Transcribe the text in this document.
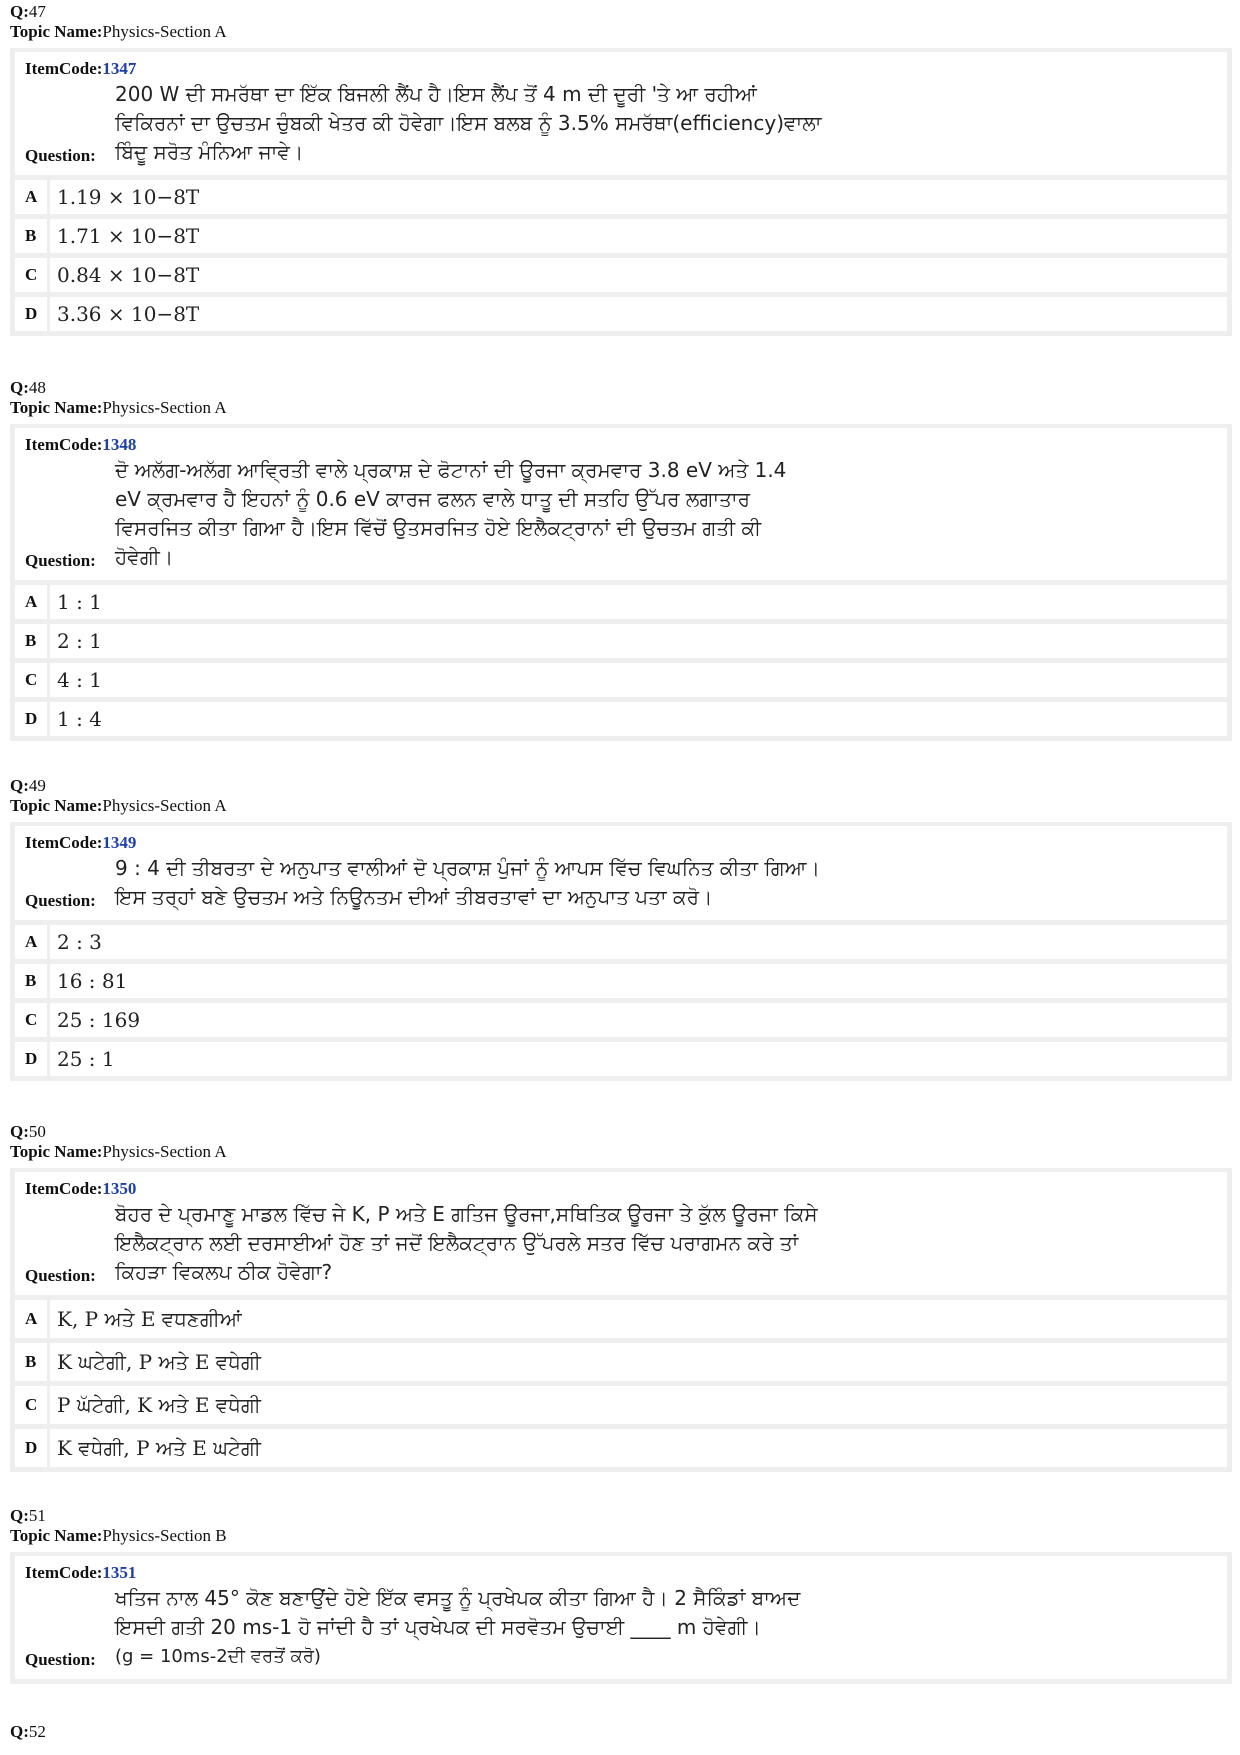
Q:47
Topic Name:Physics-Section A
ItemCode:1347
200 W ਦੀ ਸਮਰੱਥਾ ਦਾ ਇੱਕ ਬਿਜਲੀ ਲੈਂਪ ਹੈ।ਇਸ ਲੈਂਪ ਤੋਂ 4 m ਦੀ ਦੂਰੀ 'ਤੇ ਆ ਰਹੀਆਂ
ਵਿਕਿਰਨਾਂ ਦਾ ਉਚਤਮ ਚੁੰਬਕੀ ਖੇਤਰ ਕੀ ਹੋਵੇਗਾ।ਇਸ ਬਲਬ ਨੂੰ 3.5% ਸਮਰੱਥਾ(efficiency)ਵਾਲਾ
ਬਿੰਦੂ ਸਰੋਤ ਮੰਨਿਆ ਜਾਵੇ।
Question:
A 1.19 × 10−8T
B	1.71 × 10−8T
C 0.84 × 10−8T
D 3.36 × 10−8T
Q:48
Topic Name:Physics-Section A
ItemCode:1348
ਦੋ ਅਲੱਗ-ਅਲੱਗ ਆਵ੍ਰਿਤੀ ਵਾਲੇ ਪ੍ਰਕਾਸ਼ ਦੇ ਫੋਟਾਨਾਂ ਦੀ ਊਰਜਾ ਕ੍ਰਮਵਾਰ 3.8 eV ਅਤੇ 1.4
eV ਕ੍ਰਮਵਾਰ ਹੈ ਇਹਨਾਂ ਨੂੰ 0.6 eV ਕਾਰਜ ਫਲਨ ਵਾਲੇ ਧਾਤੂ ਦੀ ਸਤਹਿ ਉੱਪਰ ਲਗਾਤਾਰ
ਵਿਸਰਜਿਤ ਕੀਤਾ ਗਿਆ ਹੈ।ਇਸ ਵਿੱਚੋਂ ਉਤਸਰਜਿਤ ਹੋਏ ਇਲੈਕਟ੍ਰਾਨਾਂ ਦੀ ਉਚਤਮ ਗਤੀ ਕੀ
ਹੋਵੇਗੀ।
Question:
A 1 : 1
B	2 : 1
C 4 : 1
D 1 : 4
Q:49
Topic Name:Physics-Section A
ItemCode:1349
9 : 4 ਦੀ ਤੀਬਰਤਾ ਦੇ ਅਨੁਪਾਤ ਵਾਲੀਆਂ ਦੋ ਪ੍ਰਕਾਸ਼ ਪੁੰਜਾਂ ਨੂੰ ਆਪਸ ਵਿੱਚ ਵਿਘਨਿਤ ਕੀਤਾ ਗਿਆ।
ਇਸ ਤਰ੍ਹਾਂ ਬਣੇ ਉਚਤਮ ਅਤੇ ਨਿਊਨਤਮ ਦੀਆਂ ਤੀਬਰਤਾਵਾਂ ਦਾ ਅਨੁਪਾਤ ਪਤਾ ਕਰੋ।
Question:
A 2 : 3
B	16 : 81
C 25 : 169
D 25 : 1
Q:50
Topic Name:Physics-Section A
ItemCode:1350
ਬੋਹਰ ਦੇ ਪ੍ਰਮਾਣੂ ਮਾਡਲ ਵਿੱਚ ਜੇ K, P ਅਤੇ E ਗਤਿਜ ਊਰਜਾ,ਸਥਿਤਿਕ ਊਰਜਾ ਤੇ ਕੁੱਲ ਊਰਜਾ ਕਿਸੇ
ਇਲੈਕਟ੍ਰਾਨ ਲਈ ਦਰਸਾਈਆਂ ਹੋਣ ਤਾਂ ਜਦੋਂ ਇਲੈਕਟ੍ਰਾਨ ਉੱਪਰਲੇ ਸਤਰ ਵਿੱਚ ਪਰਾਗਮਨ ਕਰੇ ਤਾਂ
ਕਿਹੜਾ ਵਿਕਲਪ ਠੀਕ ਹੋਵੇਗਾ?
Question:
A K, P ਅਤੇ E ਵਧਣਗੀਆਂ
B	K ਘਟੇਗੀ, P ਅਤੇ E ਵਧੇਗੀ
C P ਘੱਟੇਗੀ, K ਅਤੇ E ਵਧੇਗੀ
D K ਵਧੇਗੀ, P ਅਤੇ E ਘਟੇਗੀ
Q:51
Topic Name:Physics-Section B
ItemCode:1351
ਖਤਿਜ ਨਾਲ 45° ਕੋਣ ਬਣਾਉਂਦੇ ਹੋਏ ਇੱਕ ਵਸਤੂ ਨੂੰ ਪ੍ਰਖੇਪਕ ਕੀਤਾ ਗਿਆ ਹੈ। 2 ਸੈਕਿੰਡਾਂ ਬਾਅਦ
ਇਸਦੀ ਗਤੀ 20 ms-1 ਹੋ ਜਾਂਦੀ ਹੈ ਤਾਂ ਪ੍ਰਖੇਪਕ ਦੀ ਸਰਵੋਤਮ ਉਚਾਈ ____ m ਹੋਵੇਗੀ।
(g = 10ms-2ਦੀ ਵਰਤੋਂ ਕਰੋ)
Question:
Q:52
